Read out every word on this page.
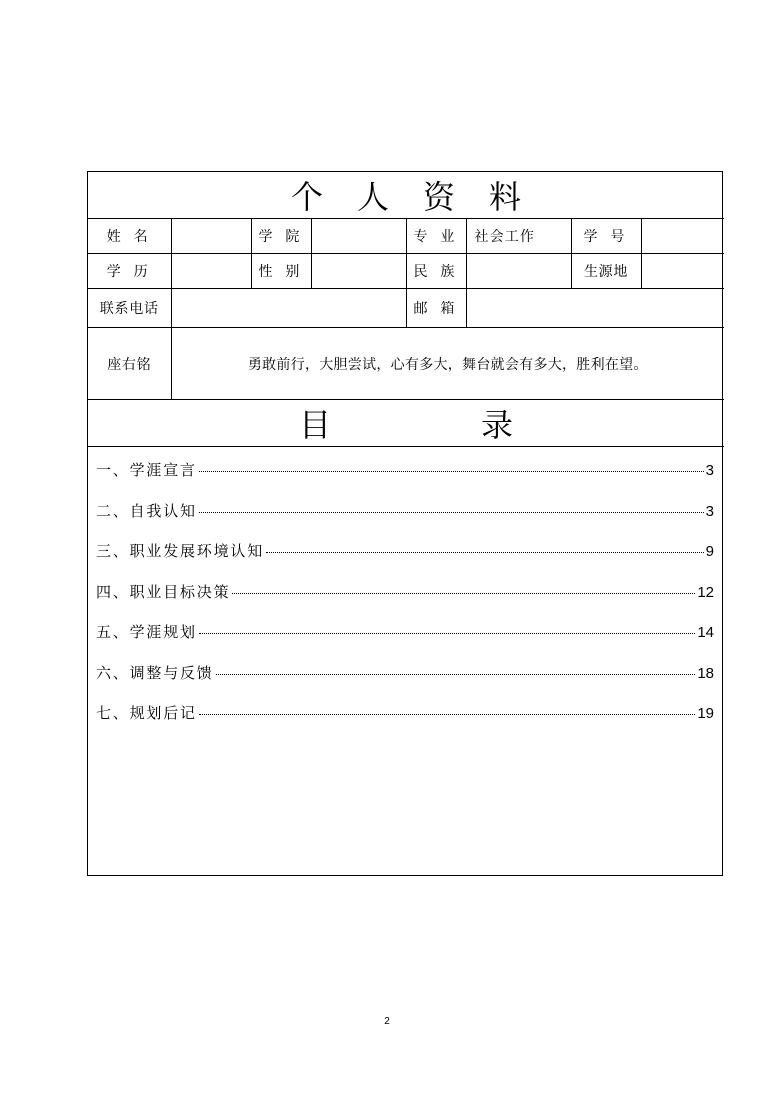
个 人 资 料							
姓 名		学 院		专 业	社会工作	学 号	
学 历		性 别		民 族		生源地	
联系电话				邮 箱			
座右铭	勇敢前行，大胆尝试，心有多大，舞台就会有多大，胜利在望。						
目 录							
一、学涯宣言	3
二、自我认知	3
三、职业发展环境认知	9
四、职业目标决策	12
五、学涯规划	14
六、调整与反馈	18
七、规划后记	19
2
